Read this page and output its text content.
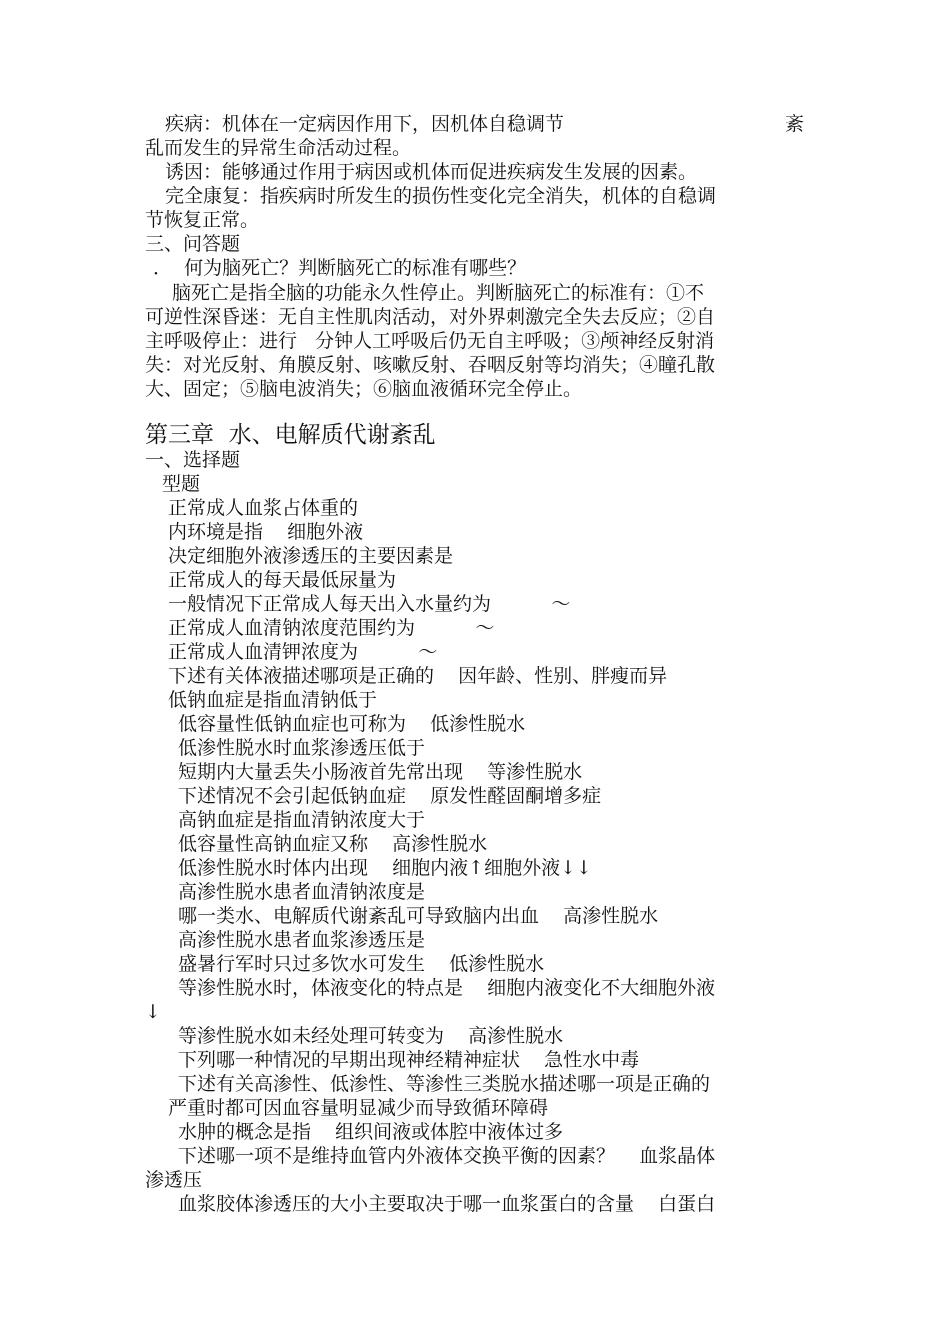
疾病：机体在一定病因作用下，因机体自稳调节	紊
乱而发生的异常生命活动过程。
诱因：能够通过作用于病因或机体而促进疾病发生发展的因素。
完全康复：指疾病时所发生的损伤性变化完全消失，机体的自稳调
节恢复正常。
三、问答题
．  何为脑死亡？判断脑死亡的标准有哪些？
脑死亡是指全脑的功能永久性停止。判断脑死亡的标准有：①不
可逆性深昏迷：无自主性肌肉活动，对外界刺激完全失去反应；②自
主呼吸停止：进行   分钟人工呼吸后仍无自主呼吸；③颅神经反射消
失：对光反射、角膜反射、咳嗽反射、吞咽反射等均消失；④瞳孔散
大、固定；⑤脑电波消失；⑥脑血液循环完全停止。
第三章  水、电解质代谢紊乱
一、选择题
型题
正常成人血浆占体重的
内环境是指    细胞外液
决定细胞外液渗透压的主要因素是
正常成人的每天最低尿量为
一般情况下正常成人每天出入水量约为          ～
正常成人血清钠浓度范围约为          ～
正常成人血清钾浓度为          ～
下述有关体液描述哪项是正确的    因年龄、性别、胖瘦而异
低钠血症是指血清钠低于
低容量性低钠血症也可称为    低渗性脱水
低渗性脱水时血浆渗透压低于
短期内大量丢失小肠液首先常出现    等渗性脱水
下述情况不会引起低钠血症    原发性醛固酮增多症
高钠血症是指血清钠浓度大于
低容量性高钠血症又称    高渗性脱水
低渗性脱水时体内出现    细胞内液↑细胞外液↓↓
高渗性脱水患者血清钠浓度是
哪一类水、电解质代谢紊乱可导致脑内出血    高渗性脱水
高渗性脱水患者血浆渗透压是
盛暑行军时只过多饮水可发生    低渗性脱水
等渗性脱水时，体液变化的特点是    细胞内液变化不大细胞外液
↓
等渗性脱水如未经处理可转变为    高渗性脱水
下列哪一种情况的早期出现神经精神症状    急性水中毒
下述有关高渗性、低渗性、等渗性三类脱水描述哪一项是正确的
严重时都可因血容量明显减少而导致循环障碍
水肿的概念是指    组织间液或体腔中液体过多
下述哪一项不是维持血管内外液体交换平衡的因素？    血浆晶体
渗透压
血浆胶体渗透压的大小主要取决于哪一血浆蛋白的含量    白蛋白
